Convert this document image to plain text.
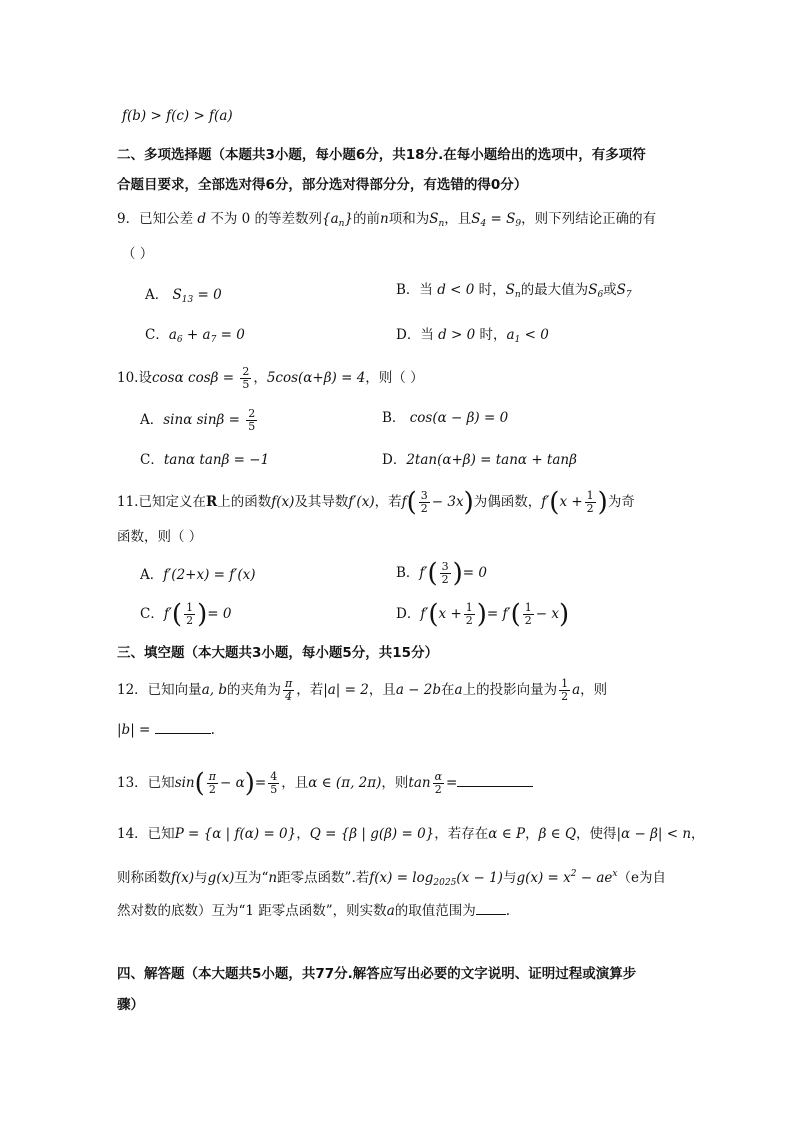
f(b) > f(c) > f(a)
二、多项选择题（本题共3小题，每小题6分，共18分.在每小题给出的选项中，有多项符
合题目要求，全部选对得6分，部分选对得部分分，有选错的得0分）
9．已知公差 d 不为 0 的等差数列$\{a_n\}$的前n项和为$S_n$，且$S_4 = S_9$，则下列结论正确的有
（ ）
A． $S_{13} = 0$	B．当 d < 0 时，$S_n$的最大值为$S_6$或$S_7$
C．$a_6 + a_7 = 0$	D．当 d > 0 时，$a_1 < 0$
10.设cosα $\cos\beta = \frac{2}{5}$ ，5cos(α+β) = 4，则（ ）
A．sinα $\sin\beta = \frac{2}{5}$	B． cos(α − β) = 0
C．tanα tanβ = −1	D．2tan(α+β) = tanα + tanβ
11.已知定义在R上的函数f(x)及其导数f′(x)，若$f( \frac{3}{2} - 3x)$为偶函数，$f'(x + \frac{1}{2}$ )为奇
函数，则（ ）
A．f′(2+x) = f′(x)	B．$f'( \frac{3}{2}$ )= 0
C．$f'( \frac{1}{2}$ )= 0	D．$f'(x + \frac{1}{2}$ )= $f'( \frac{1}{2} - x)$
三、填空题（本大题共3小题，每小题5分，共15分）
12．已知向量a, b的夹角为 $\frac{\pi}{4}$ ，若|a| = 2，且a − 2b在a上的投影向量为 $\frac{1}{2}$ a，则
|b| =	.
13．已知$\sin( \frac{\pi}{2} - \alpha)= \frac{4}{5}$ ，且α ∈ (π, 2π)，则$\tan \frac{\alpha}{2}$ =
14．已知P = {α | f(α) = 0}，Q = {β | g(β) = 0}，若存在α ∈ P，β ∈ Q，使得|α − β| < n，
则称函数f(x)与g(x)互为“n距零点函数”.若$f(x) = \log_{2025}(x - 1)$与$g(x) = x^2 - ae^x(e$为自
然对数的底数）互为“1 距零点函数”，则实数a的取值范围为 .
四、解答题（本大题共5小题，共77分.解答应写出必要的文字说明、证明过程或演算步
骤）
